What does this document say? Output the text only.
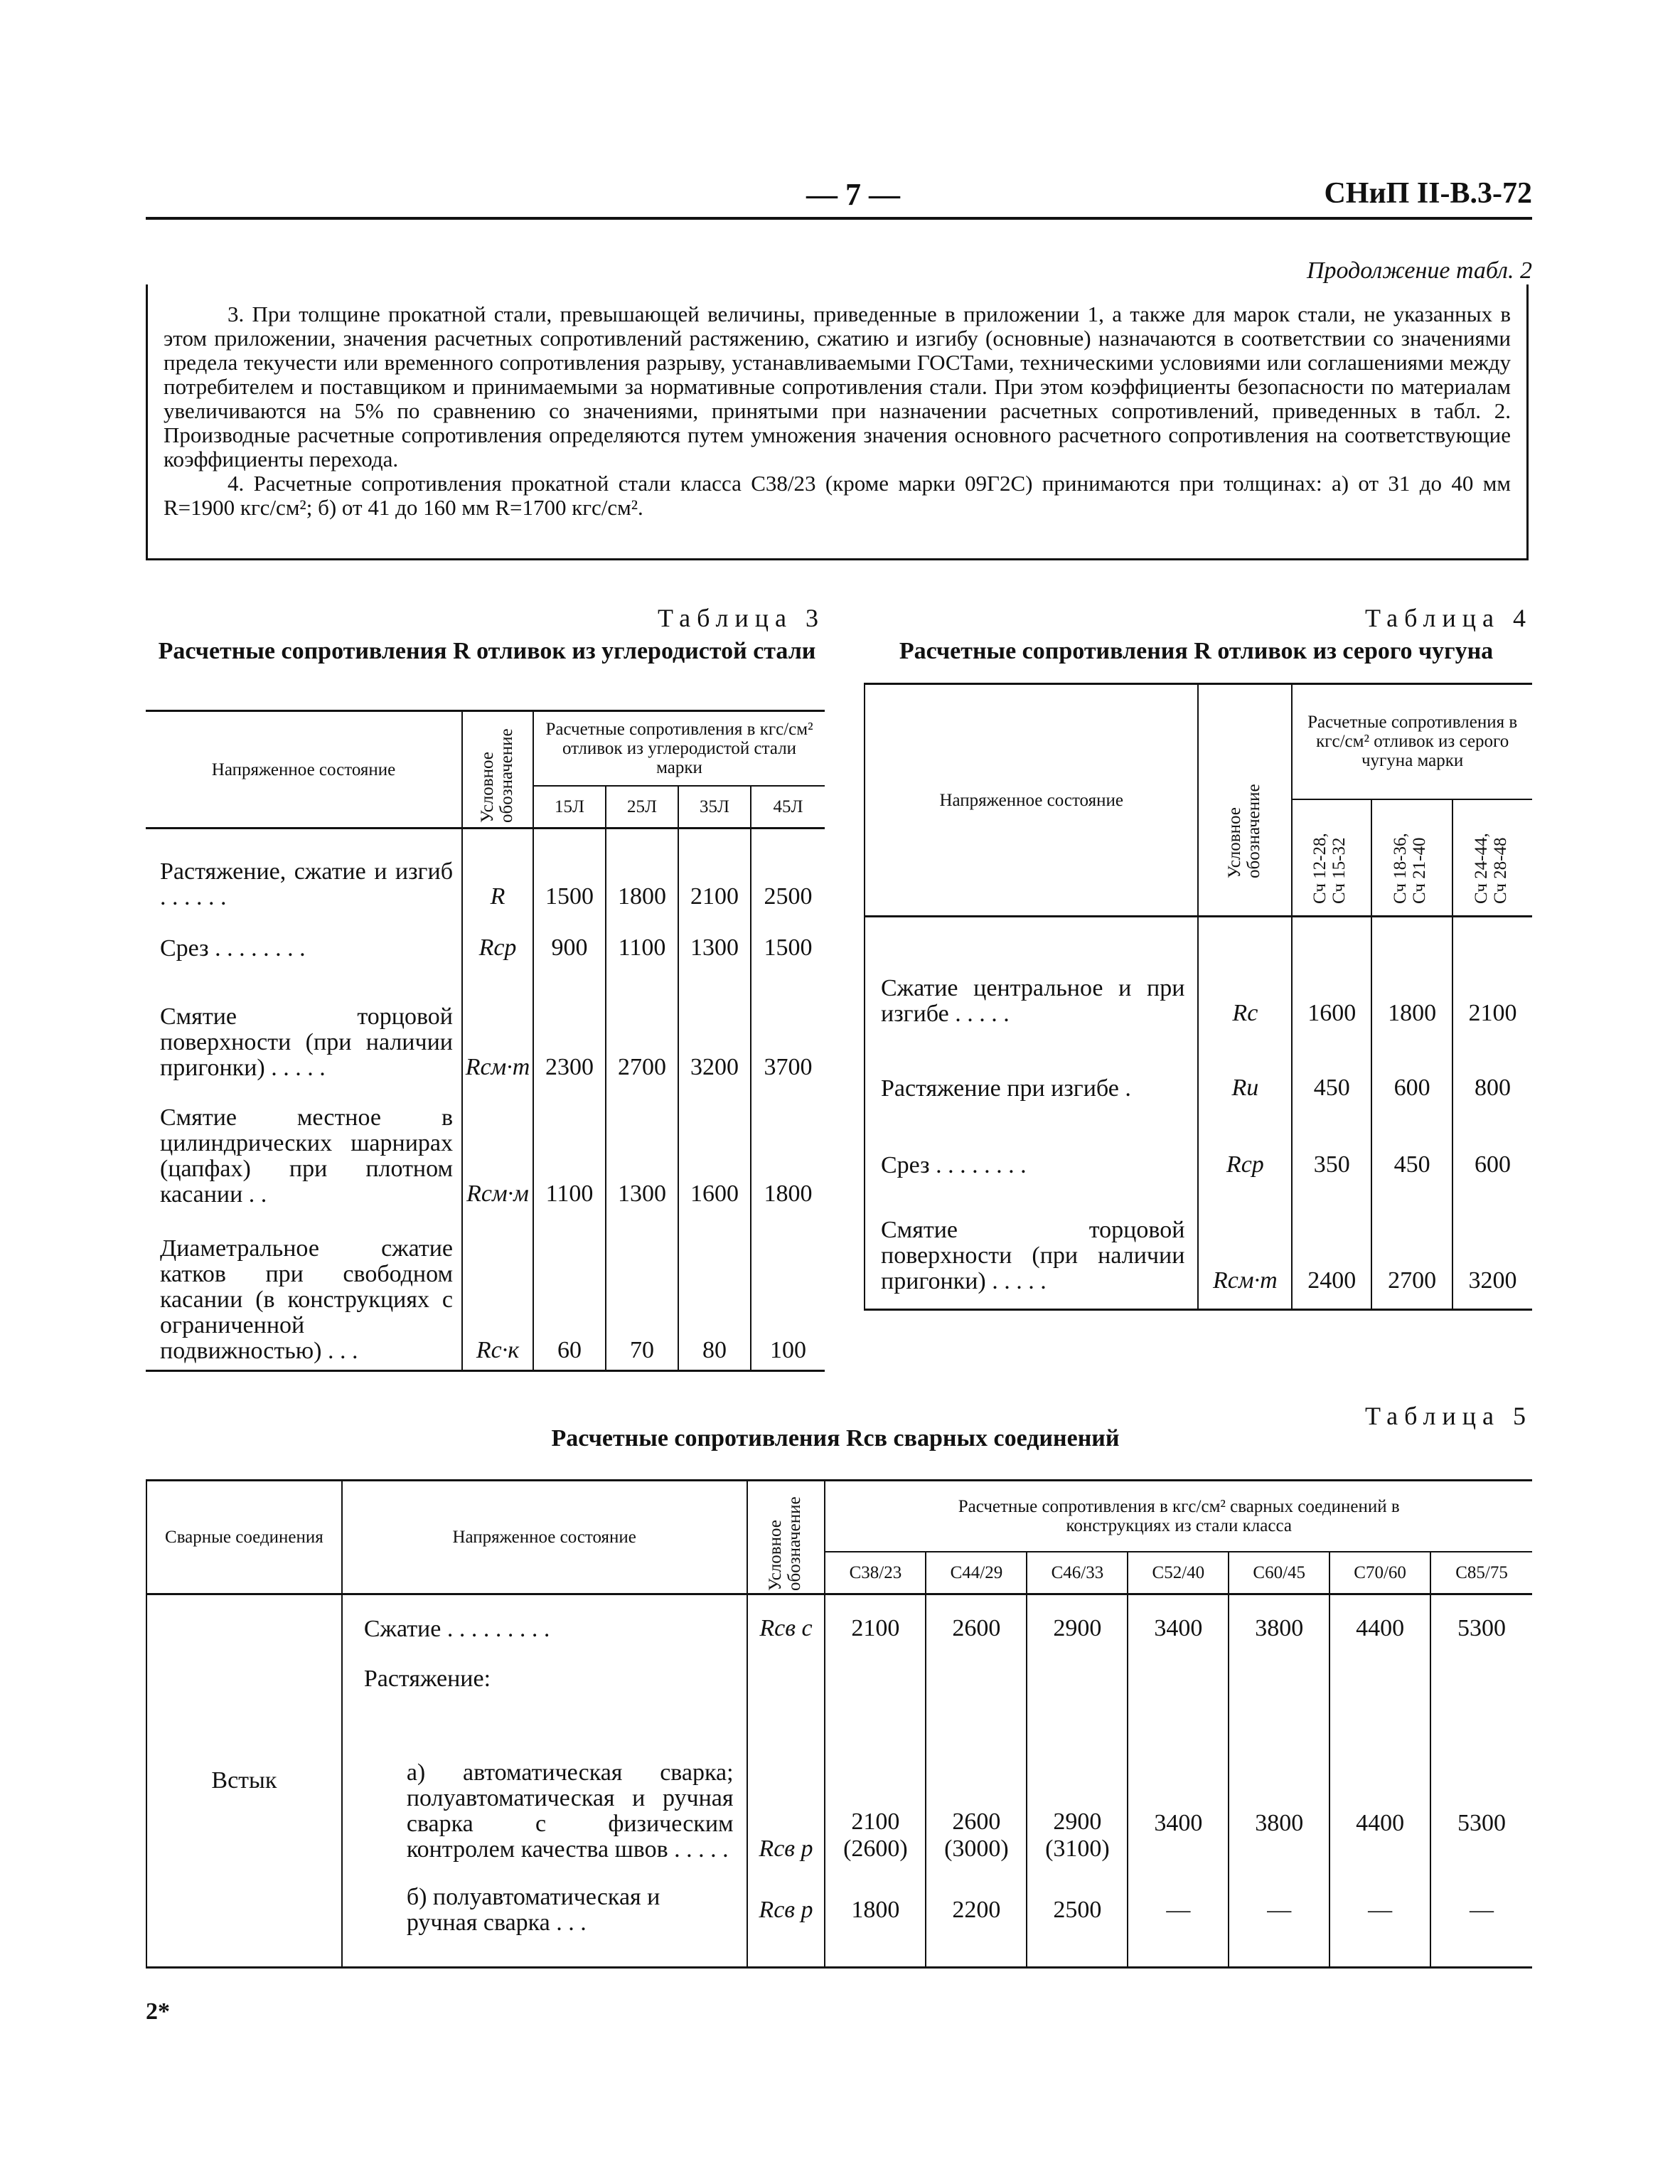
— 7 —	СНиП II-В.3-72
Продолжение табл. 2

3. При толщине прокатной стали, превышающей величины, приведенные в приложении 1, а также для марок стали, не указанных в этом приложении, значения расчетных сопротивлений растяжению, сжатию и изгибу (основные) назначаются в соответствии со значениями предела текучести или временного сопротивления разрыву, устанавливаемыми ГОСТами, техническими условиями или соглашениями между потребителем и поставщиком и принимаемыми за нормативные сопротивления стали. При этом коэффициенты безопасности по материалам увеличиваются на 5% по сравнению со значениями, принятыми при назначении расчетных сопротивлений, приведенных в табл. 2. Производные расчетные сопротивления определяются путем умножения значения основного расчетного сопротивления на соответствующие коэффициенты перехода.

4. Расчетные сопротивления прокатной стали класса С38/23 (кроме марки 09Г2С) принимаются при толщинах: а) от 31 до 40 мм R=1900 кгс/см²; б) от 41 до 160 мм R=1700 кгс/см².

Таблица 3
Расчетные сопротивления R отливок из углеродистой стали
Напряженное состояние	Условное обозначение	Расчетные сопротивления в кгс/см² отливок из углеродистой стали марки			
		15Л	25Л	35Л	45Л
Растяжение, сжатие и изгиб . . . . . .	R	1500	1800	2100	2500
Срез . . . . . . . .	Rср	900	1100	1300	1500
Смятие торцовой поверхности (при наличии пригонки) . . . . .	Rсм·т	2300	2700	3200	3700
Смятие местное в цилиндрических шарнирах (цапфах) при плотном касании . .	Rсм·м	1100	1300	1600	1800
Диаметральное сжатие катков при свободном касании (в конструкциях с ограниченной подвижностью) . . .	Rс·к	60	70	80	100
Таблица 4
Расчетные сопротивления R отливок из серого чугуна
Напряженное состояние	Условное обозначение	Расчетные сопротивления в кгс/см² отливок из серого чугуна марки		

		Сч 12-28, Сч 15-32	Сч 18-36, Сч 21-40	Сч 24-44, Сч 28-48

Сжатие центральное и при изгибе . . . . .	Rс	1600	1800	2100
Растяжение при изгибе .	Rи	450	600	800
Срез . . . . . . . .	Rср	350	450	600
Смятие торцовой поверхности (при наличии пригонки) . . . . .	Rсм·т	2400	2700	3200
Таблица 5
Расчетные сопротивления Rсв сварных соединений
Сварные соединения	Напряженное состояние	Условное обозначение	Расчетные сопротивления в кгс/см² сварных соединений в конструкциях из стали класса						
			С38/23	С44/29	С46/33	С52/40	С60/45	С70/60	С85/75
Встык	Сжатие . . . . . . . . .	Rсв с	2100	2600	2900	3400	3800	4400	5300
	Растяжение:								
	а) автоматическая сварка; полуавтоматическая и ручная сварка с физическим контролем качества швов . . . . .	Rсв р	2100 (2600)	2600 (3000)	2900 (3100)	3400	3800	4400	5300
	б) полуавтоматическая и ручная сварка . . .	Rсв р	1800	2200	2500	—	—	—	—
2*
